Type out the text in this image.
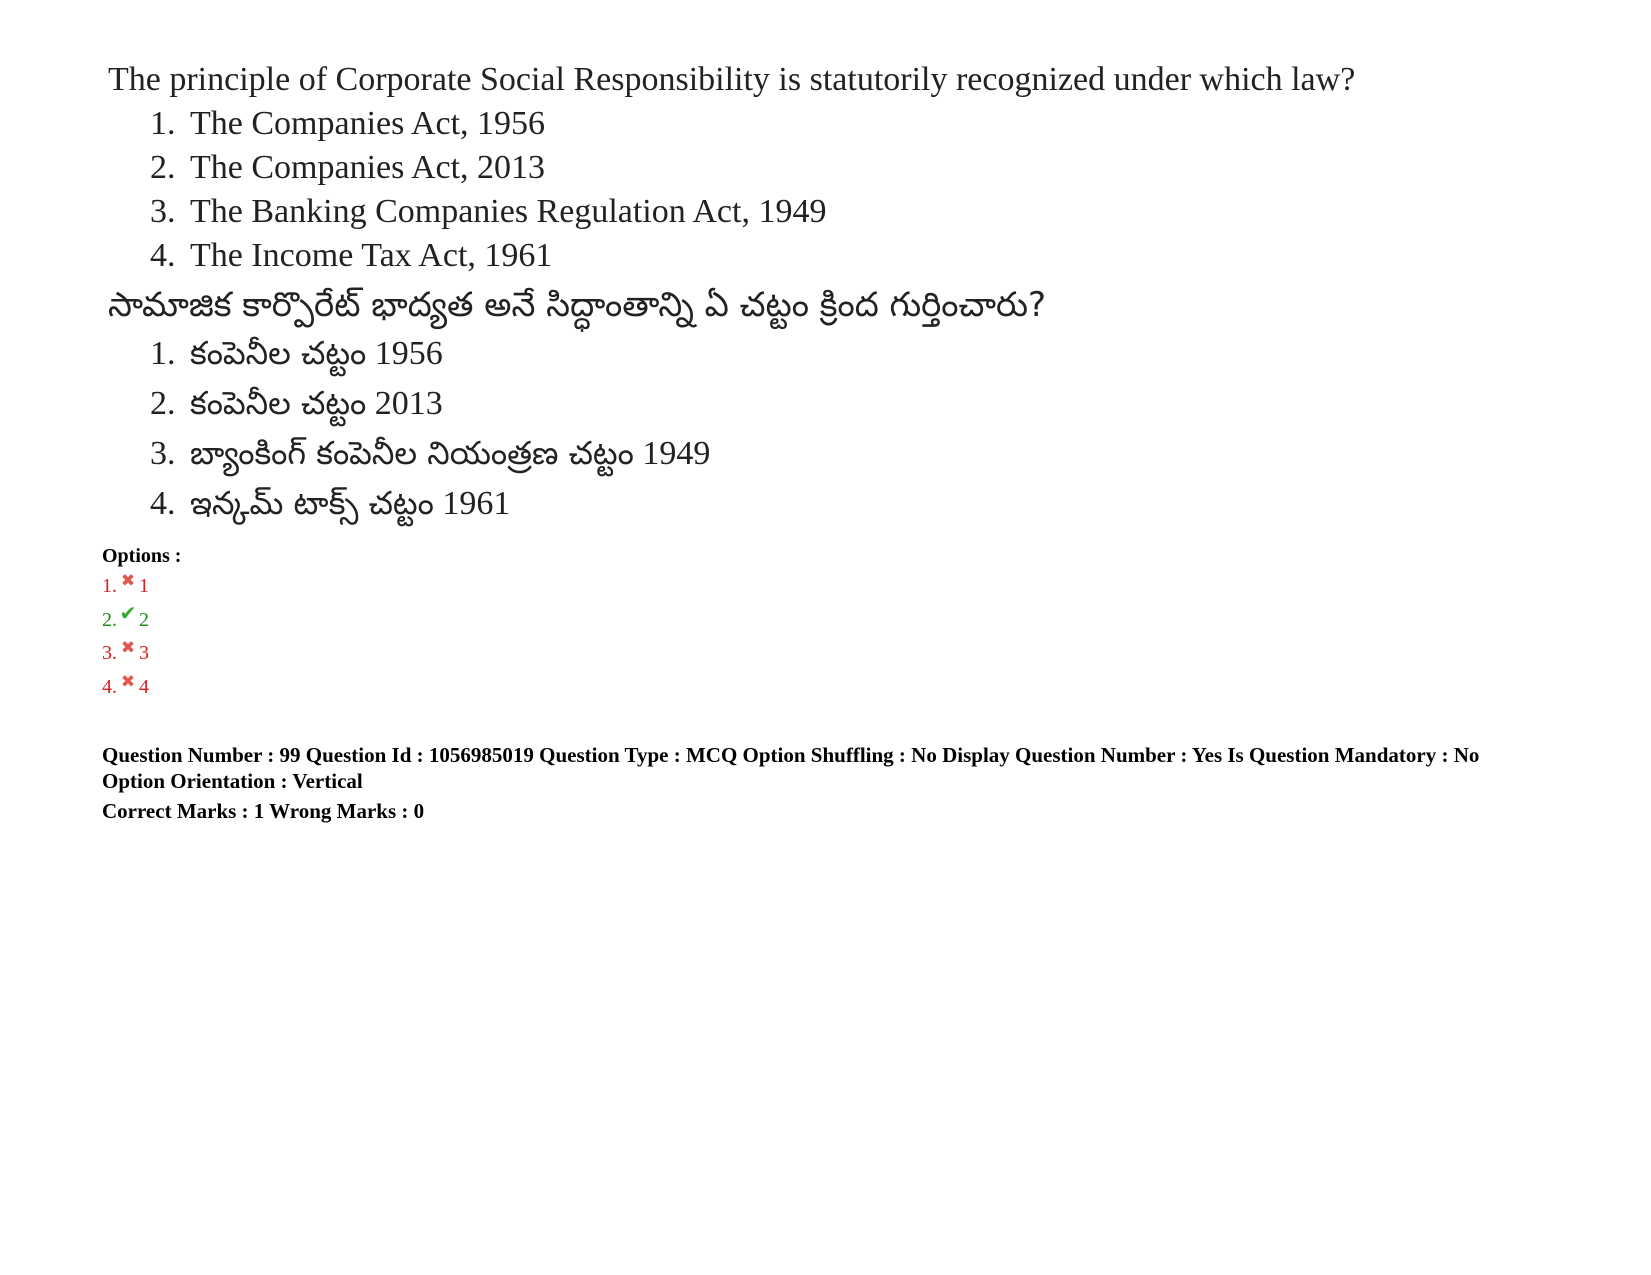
The principle of Corporate Social Responsibility is statutorily recognized under which law?
1. The Companies Act, 1956
2. The Companies Act, 2013
3. The Banking Companies Regulation Act, 1949
4. The Income Tax Act, 1961
సామాజిక కార్పొరేట్ భాద్యత అనే సిద్ధాంతాన్ని ఏ చట్టం క్రింద గుర్తించారు?
1. కంపెనీల చట్టం 1956
2. కంపెనీల చట్టం 2013
3. బ్యాంకింగ్ కంపెనీల నియంత్రణ చట్టం 1949
4. ఇన్కమ్ టాక్స్ చట్టం 1961
Options :
1. ✖ 1
2. ✔ 2
3. ✖ 3
4. ✖ 4
Question Number : 99 Question Id : 1056985019 Question Type : MCQ Option Shuffling : No Display Question Number : Yes Is Question Mandatory : No
Option Orientation : Vertical
Correct Marks : 1 Wrong Marks : 0
